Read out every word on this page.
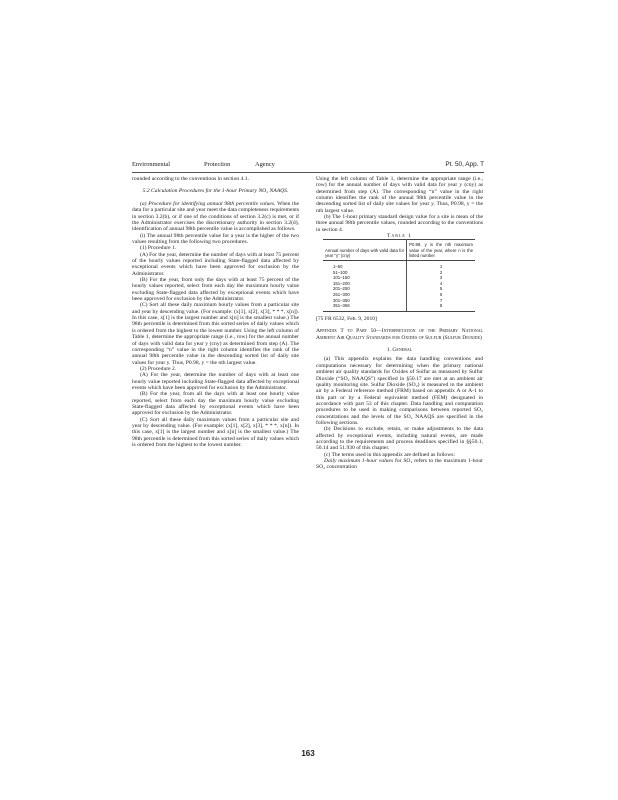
Environmental	Protection	Agency	Pt. 50, App. T

rounded according to the conventions in section 4.1.

5.2 Calculation Procedures for the 1-hour Primary NO₂ NAAQS.

(a) Procedure for identifying annual 98th percentile values. When the data for a particular site and year meet the data completeness requirements in section 3.2(b), or if one of the conditions of section 3.2(c) is met, or if the Administrator exercises the discretionary authority in section 3.2(d), identification of annual 98th percentile value is accomplished as follows.

(i) The annual 98th percentile value for a year is the higher of the two values resulting from the following two procedures.

(1) Procedure 1.

(A) For the year, determine the number of days with at least 75 percent of the hourly values reported including State-flagged data affected by exceptional events which have been approved for exclusion by the Administrator.

(B) For the year, from only the days with at least 75 percent of the hourly values reported, select from each day the maximum hourly value excluding State-flagged data affected by exceptional events which have been approved for exclusion by the Administrator.

(C) Sort all these daily maximum hourly values from a particular site and year by descending value. (For example: (x[1], x[2], x[3], * * *, x[n]). In this case, x[1] is the largest number and x[n] is the smallest value.) The 98th percentile is determined from this sorted series of daily values which is ordered from the highest to the lowest number. Using the left column of Table 1, determine the appropriate range (i.e., row) for the annual number of days with valid data for year y (cny) as determined from step (A). The corresponding “n” value in the right column identifies the rank of the annual 98th percentile value in the descending sorted list of daily site values for year y. Thus, P0.98, y = the nth largest value.

(2) Procedure 2.

(A) For the year, determine the number of days with at least one hourly value reported including State-flagged data affected by exceptional events which have been approved for exclusion by the Administrator.

(B) For the year, from all the days with at least one hourly value reported, select from each day the maximum hourly value excluding State-flagged data affected by exceptional events which have been approved for exclusion by the Administrator.

(C) Sort all these daily maximum values from a particular site and year by descending value. (For example: (x[1], x[2], x[3], * * *, x[n]). In this case, x[1] is the largest number and x[n] is the smallest value.) The 98th percentile is determined from this sorted series of daily values which is ordered from the highest to the lowest number.

Using the left column of Table 1, determine the appropriate range (i.e., row) for the annual number of days with valid data for year y (cny) as determined from step (A). The corresponding “n” value in the right column identifies the rank of the annual 98th percentile value in the descending sorted list of daily site values for year y. Thus, P0.98, y = the nth largest value.

(b) The 1-hour primary standard design value for a site is mean of the three annual 98th percentile values, rounded according to the conventions in section 4.

Table 1

Annual number of days with valid data for year “y” (cny)	P0.98, y is the nth maximum value of the year, where n is the listed number
1–50	1
51–100	2
101–150	3
151–200	4
201–250	5
251–300	6
301–350	7
351–366	8

[75 FR 6532, Feb. 9, 2010]

Appendix T to Part 50—Interpretation of the Primary National Ambient Air Quality Standards for Oxides of Sulfur (Sulfur Dioxide)

1. General

(a) This appendix explains the data handling conventions and computations necessary for determining when the primary national ambient air quality standards for Oxides of Sulfur as measured by Sulfur Dioxide (“SO₂ NAAQS”) specified in §50.17 are met at an ambient air quality monitoring site. Sulfur Dioxide (SO₂) is measured in the ambient air by a Federal reference method (FRM) based on appendix A or A-1 to this part or by a Federal equivalent method (FEM) designated in accordance with part 53 of this chapter. Data handling and computation procedures to be used in making comparisons between reported SO₂ concentrations and the levels of the SO₂ NAAQS are specified in the following sections.

(b) Decisions to exclude, retain, or make adjustments to the data affected by exceptional events, including natural events, are made according to the requirements and process deadlines specified in §§50.1, 50.14 and 51.930 of this chapter.

(c) The terms used in this appendix are defined as follows:

Daily maximum 1-hour values for SO₂ refers to the maximum 1-hour SO₂ concentration

163
